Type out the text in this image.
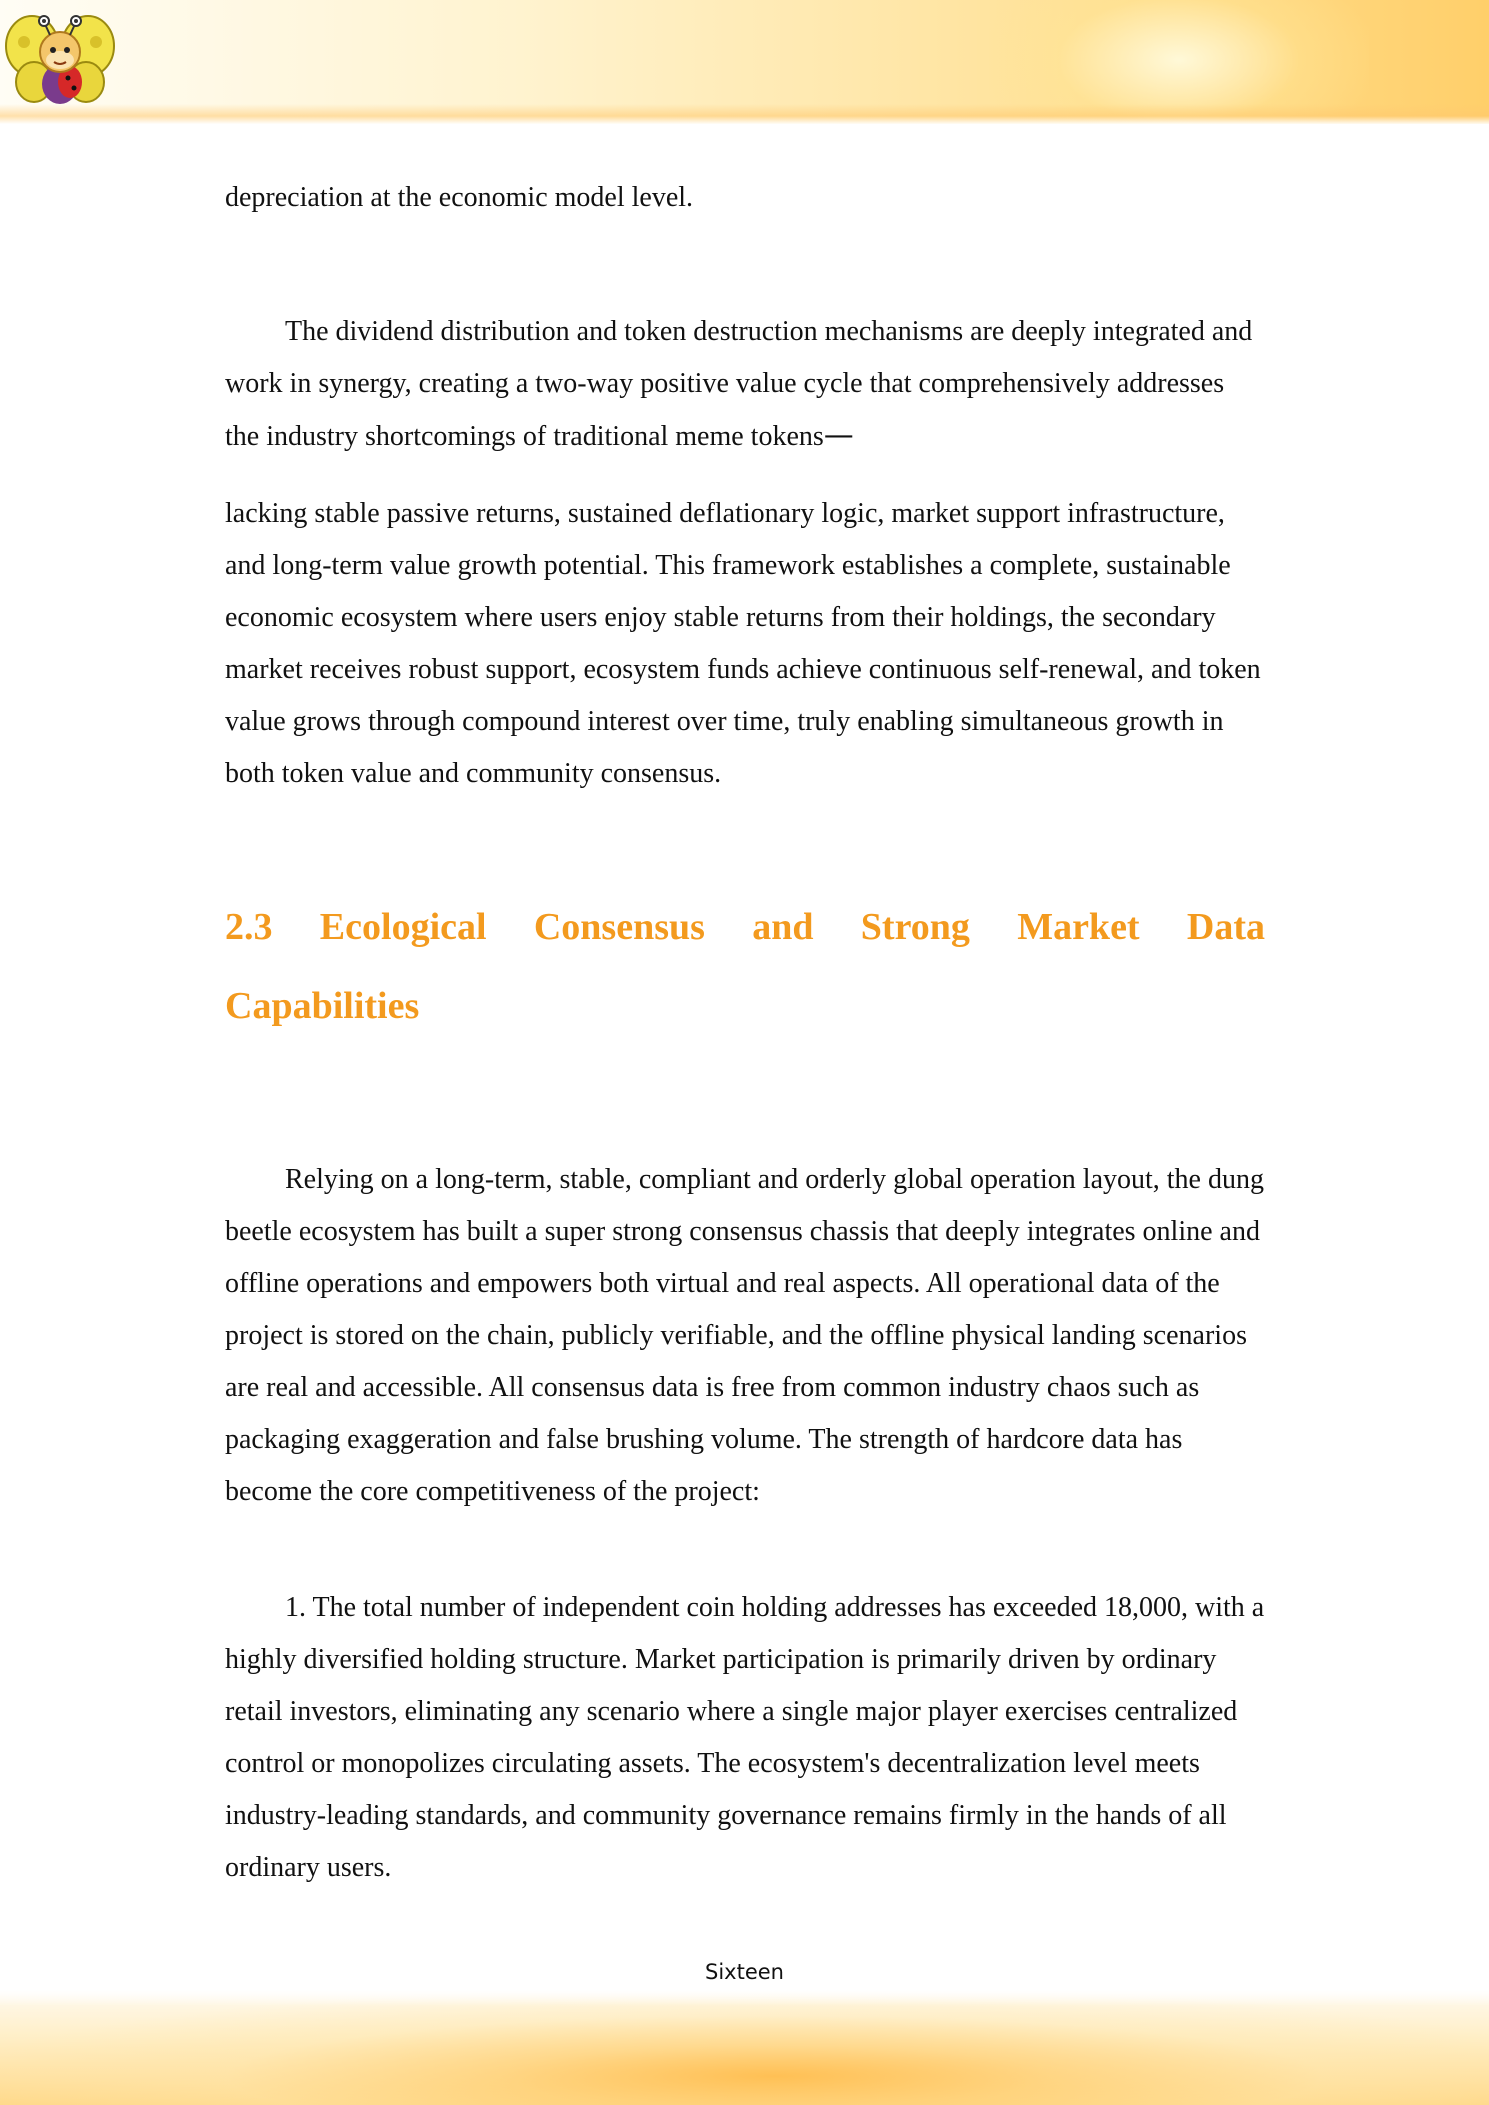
depreciation at the economic model level.

The dividend distribution and token destruction mechanisms are deeply integrated and work in synergy, creating a two-way positive value cycle that comprehensively addresses the industry shortcomings of traditional meme tokens—

lacking stable passive returns, sustained deflationary logic, market support infrastructure, and long-term value growth potential. This framework establishes a complete, sustainable economic ecosystem where users enjoy stable returns from their holdings, the secondary market receives robust support, ecosystem funds achieve continuous self-renewal, and token value grows through compound interest over time, truly enabling simultaneous growth in both token value and community consensus.

2.3 Ecological Consensus and Strong Market Data
Capabilities

Relying on a long-term, stable, compliant and orderly global operation layout, the dung beetle ecosystem has built a super strong consensus chassis that deeply integrates online and offline operations and empowers both virtual and real aspects. All operational data of the project is stored on the chain, publicly verifiable, and the offline physical landing scenarios are real and accessible. All consensus data is free from common industry chaos such as packaging exaggeration and false brushing volume. The strength of hardcore data has become the core competitiveness of the project:

1. The total number of independent coin holding addresses has exceeded 18,000, with a highly diversified holding structure. Market participation is primarily driven by ordinary retail investors, eliminating any scenario where a single major player exercises centralized control or monopolizes circulating assets. The ecosystem's decentralization level meets industry-leading standards, and community governance remains firmly in the hands of all ordinary users.

Sixteen
